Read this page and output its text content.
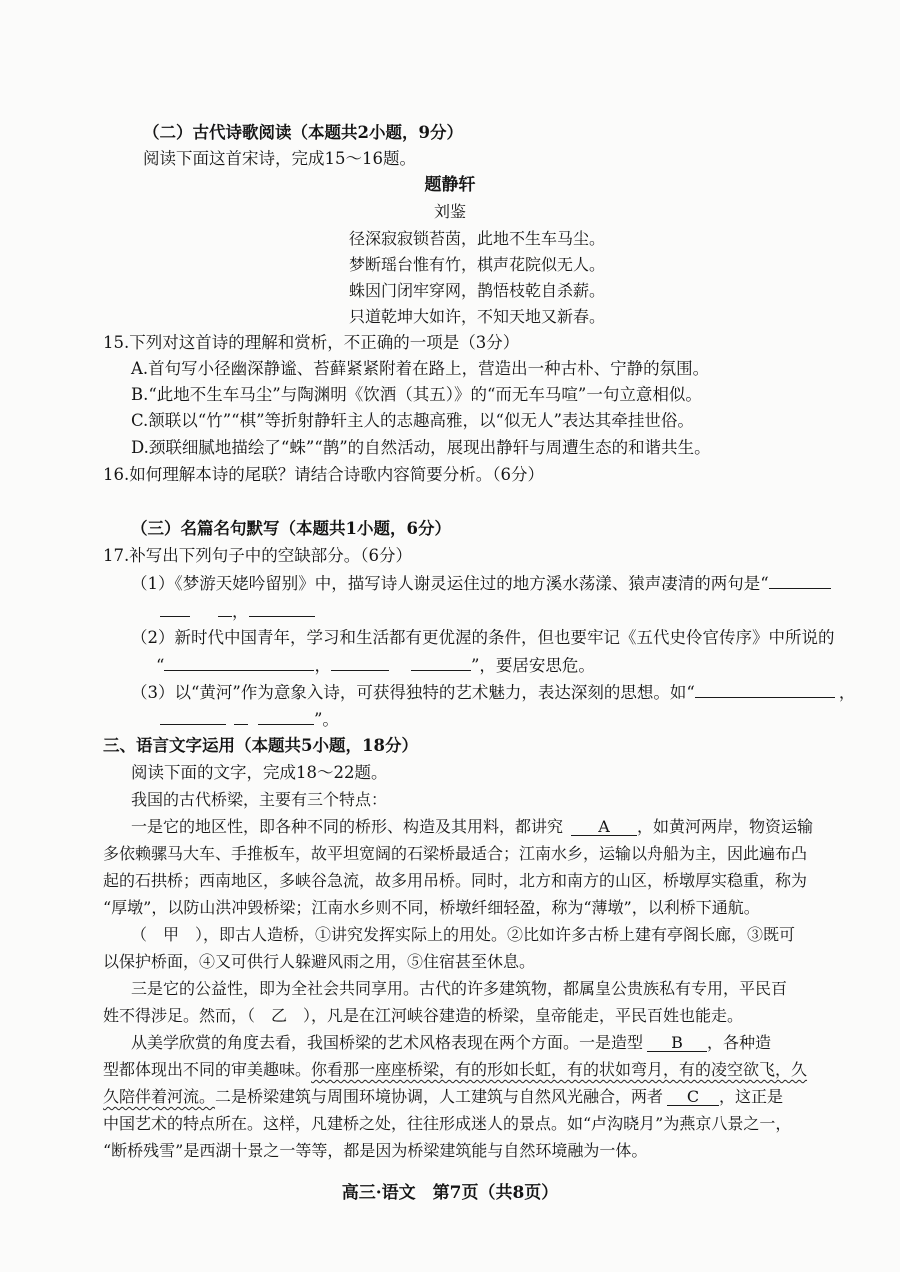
（二）古代诗歌阅读（本题共2小题，9分）
阅读下面这首宋诗，完成15～16题。
题静轩
刘鉴
径深寂寂锁苔茵，此地不生车马尘。
梦断瑶台惟有竹，棋声花院似无人。
蛛因门闭牢穿网，鹊悟枝乾自杀薪。
只道乾坤大如许，不知天地又新春。
15.下列对这首诗的理解和赏析，不正确的一项是（3分）
A.首句写小径幽深静谧、苔藓紧紧附着在路上，营造出一种古朴、宁静的氛围。
B.“此地不生车马尘”与陶渊明《饮酒（其五）》的“而无车马喧”一句立意相似。
C.颔联以“竹”“棋”等折射静轩主人的志趣高雅，以“似无人”表达其牵挂世俗。
D.颈联细腻地描绘了“蛛”“鹊”的自然活动，展现出静轩与周遭生态的和谐共生。
16.如何理解本诗的尾联？请结合诗歌内容简要分析。（6分）
（三）名篇名句默写（本题共1小题，6分）
17.补写出下列句子中的空缺部分。（6分）
（1）《梦游天姥吟留别》中，描写诗人谢灵运住过的地方溪水荡漾、猿声凄清的两句是“
，
（2）新时代中国青年，学习和生活都有更优渥的条件，但也要牢记《五代史伶官传序》中所说的
“	，	”，要居安思危。
（3）以“黄河”作为意象入诗，可获得独特的艺术魅力，表达深刻的思想。如“	，
”。
三、语言文字运用（本题共5小题，18分）
阅读下面的文字，完成18～22题。
我国的古代桥梁，主要有三个特点：
一是它的地区性，即各种不同的桥形、构造及其用料，都讲究 A ，如黄河两岸，物资运输
多依赖骡马大车、手推板车，故平坦宽阔的石梁桥最适合；江南水乡，运输以舟船为主，因此遍布凸
起的石拱桥；西南地区，多峡谷急流，故多用吊桥。同时，北方和南方的山区，桥墩厚实稳重，称为
“厚墩”，以防山洪冲毁桥梁；江南水乡则不同，桥墩纤细轻盈，称为“薄墩”，以利桥下通航。
（　甲　），即古人造桥，①讲究发挥实际上的用处。②比如许多古桥上建有亭阁长廊，③既可
以保护桥面，④又可供行人躲避风雨之用，⑤住宿甚至休息。
三是它的公益性，即为全社会共同享用。古代的许多建筑物，都属皇公贵族私有专用，平民百
姓不得涉足。然而，（　乙　），凡是在江河峡谷建造的桥梁，皇帝能走，平民百姓也能走。
从美学欣赏的角度去看，我国桥梁的艺术风格表现在两个方面。一是造型 B ，各种造
型都体现出不同的审美趣味。你看那一座座桥梁，有的形如长虹，有的状如弯月，有的凌空欲飞，久
久陪伴着河流。二是桥梁建筑与周围环境协调，人工建筑与自然风光融合，两者 C ，这正是
中国艺术的特点所在。这样，凡建桥之处，往往形成迷人的景点。如“卢沟晓月”为燕京八景之一，
“断桥残雪”是西湖十景之一等等，都是因为桥梁建筑能与自然环境融为一体。
高三·语文　第7页（共8页）
